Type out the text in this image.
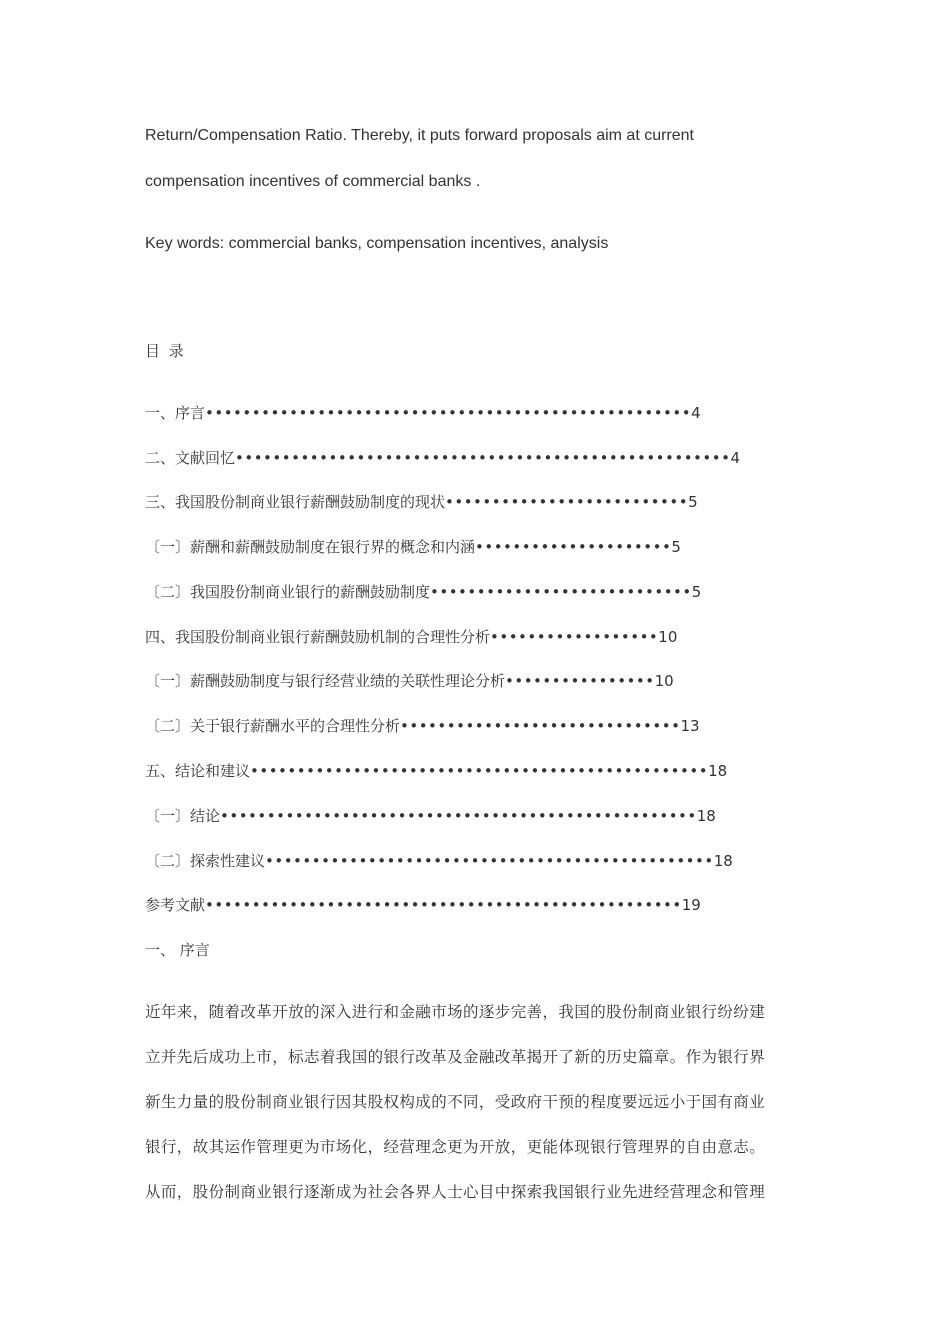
Return/Compensation Ratio. Thereby, it puts forward proposals aim at current
compensation incentives of commercial banks .
Key words: commercial banks, compensation incentives, analysis
目 录
一、序言••••••••••••••••••••••••••••••••••••••••••••••••••••4
二、文献回忆•••••••••••••••••••••••••••••••••••••••••••••••••••••4
三、我国股份制商业银行薪酬鼓励制度的现状••••••••••••••••••••••••••5
〔一〕薪酬和薪酬鼓励制度在银行界的概念和内涵•••••••••••••••••••••5
〔二〕我国股份制商业银行的薪酬鼓励制度••••••••••••••••••••••••••••5
四、我国股份制商业银行薪酬鼓励机制的合理性分析••••••••••••••••••10
〔一〕薪酬鼓励制度与银行经营业绩的关联性理论分析••••••••••••••••10
〔二〕关于银行薪酬水平的合理性分析••••••••••••••••••••••••••••••13
五、结论和建议•••••••••••••••••••••••••••••••••••••••••••••••••18
〔一〕结论•••••••••••••••••••••••••••••••••••••••••••••••••••18
〔二〕探索性建议••••••••••••••••••••••••••••••••••••••••••••••••18
参考文献•••••••••••••••••••••••••••••••••••••••••••••••••••19
一、 序言
近年来，随着改革开放的深入进行和金融市场的逐步完善，我国的股份制商业银行纷纷建
立并先后成功上市，标志着我国的银行改革及金融改革揭开了新的历史篇章。作为银行界
新生力量的股份制商业银行因其股权构成的不同，受政府干预的程度要远远小于国有商业
银行，故其运作管理更为市场化，经营理念更为开放，更能体现银行管理界的自由意志。
从而，股份制商业银行逐渐成为社会各界人士心目中探索我国银行业先进经营理念和管理
